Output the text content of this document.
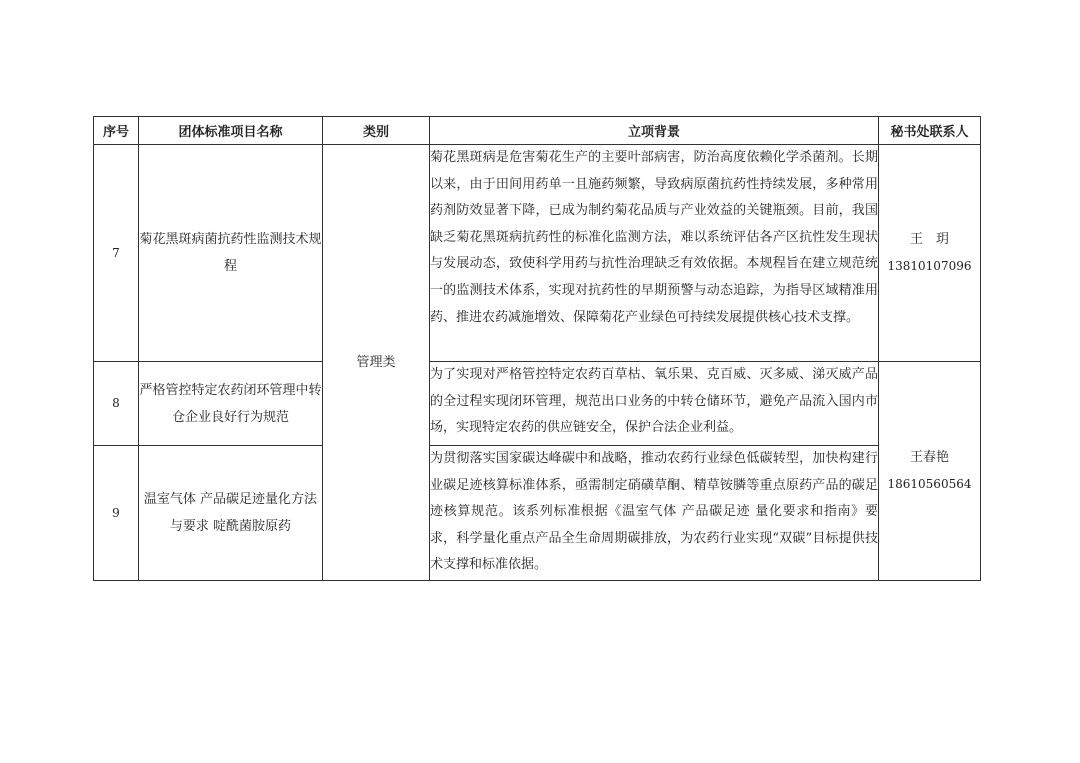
序号	团体标准项目名称	类别	立项背景	秘书处联系人
7	菊花黑斑病菌抗药性监测技术规程	管理类	菊花黑斑病是危害菊花生产的主要叶部病害，防治高度依赖化学杀菌剂。长期以来，由于田间用药单一且施药频繁，导致病原菌抗药性持续发展，多种常用药剂防效显著下降，已成为制约菊花品质与产业效益的关键瓶颈。目前，我国缺乏菊花黑斑病抗药性的标准化监测方法，难以系统评估各产区抗性发生现状与发展动态，致使科学用药与抗性治理缺乏有效依据。本规程旨在建立规范统一的监测技术体系，实现对抗药性的早期预警与动态追踪，为指导区域精准用药、推进农药减施增效、保障菊花产业绿色可持续发展提供核心技术支撑。	王　玥
13810107096

8	严格管控特定农药闭环管理中转仓企业良好行为规范		为了实现对严格管控特定农药百草枯、氧乐果、克百威、灭多威、涕灭威产品的全过程实现闭环管理，规范出口业务的中转仓储环节，避免产品流入国内市场，实现特定农药的供应链安全，保护合法企业利益。	王春艳
18610560564

9	温室气体 产品碳足迹量化方法与要求 啶酰菌胺原药		为贯彻落实国家碳达峰碳中和战略，推动农药行业绿色低碳转型，加快构建行业碳足迹核算标准体系，亟需制定硝磺草酮、精草铵膦等重点原药产品的碳足迹核算规范。该系列标准根据《温室气体 产品碳足迹 量化要求和指南》要求，科学量化重点产品全生命周期碳排放，为农药行业实现“双碳”目标提供技术支撑和标准依据。	
